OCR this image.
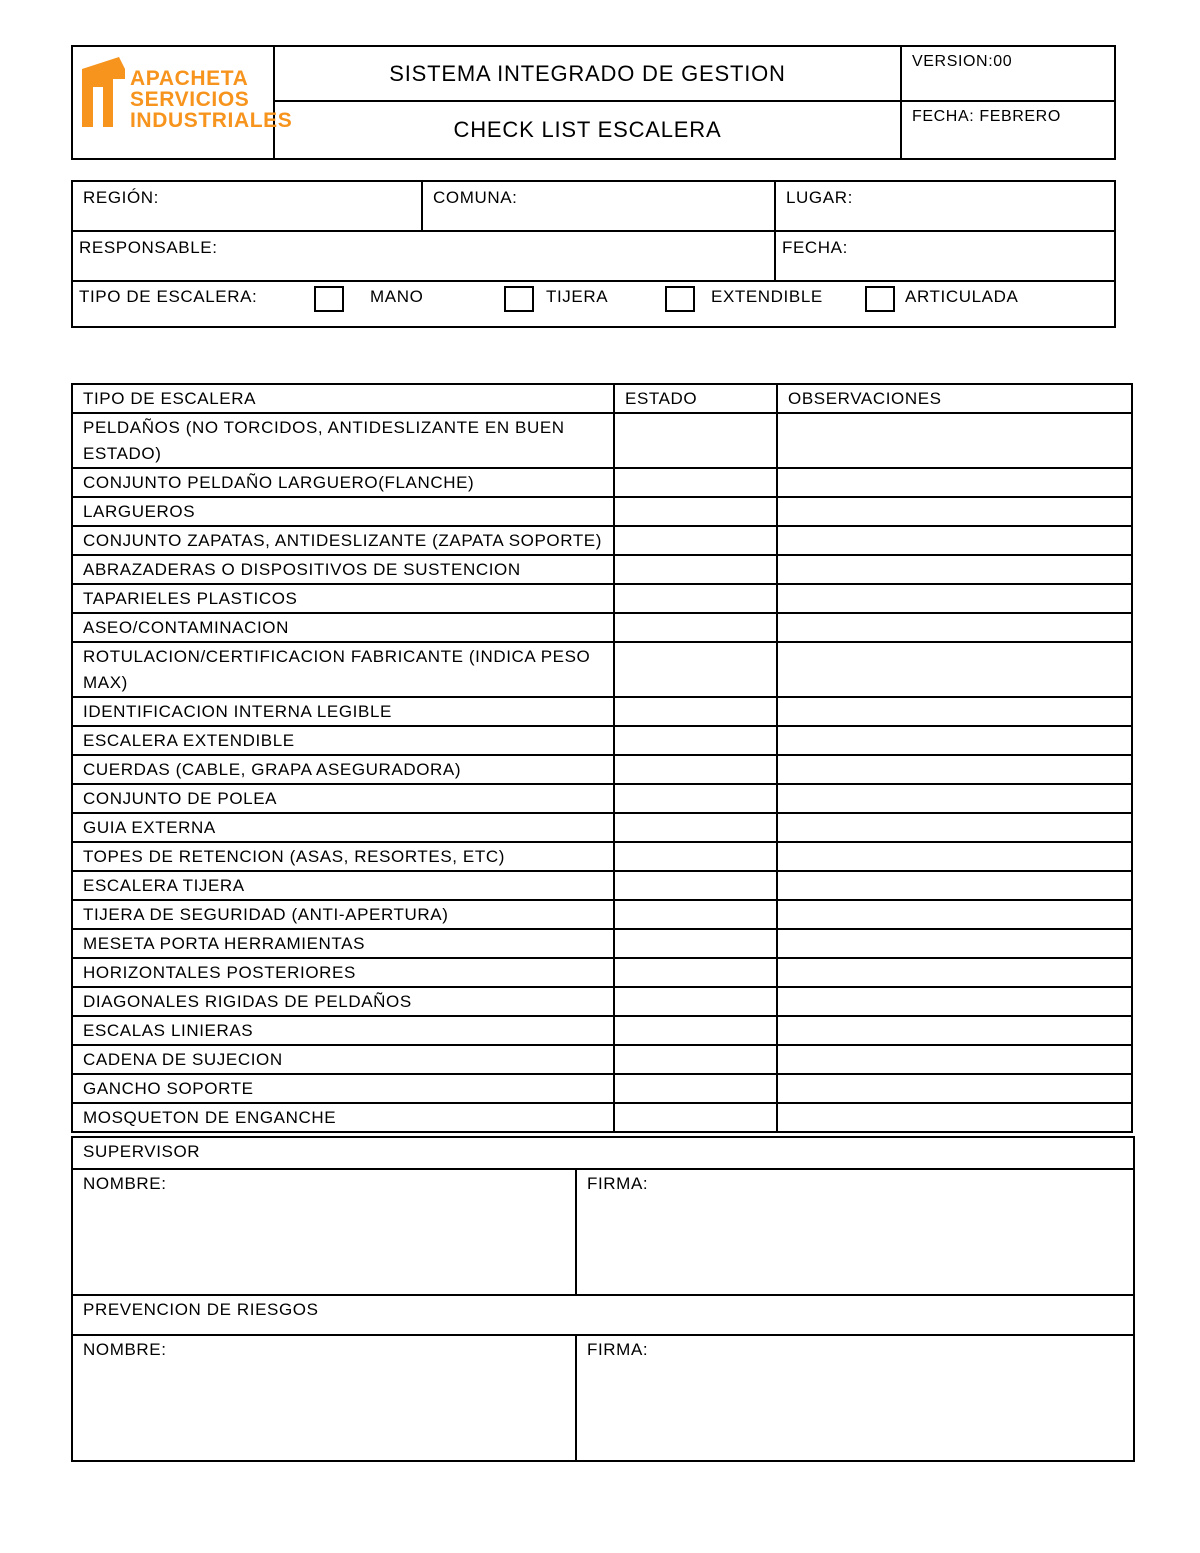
APACHETA
SERVICIOS
INDUSTRIALES	SISTEMA INTEGRADO DE GESTION	VERSION:00
	CHECK LIST ESCALERA	FECHA: FEBRERO
REGIÓN:	COMUNA:	LUGAR:
RESPONSABLE:		FECHA:

TIPO DE ESCALERA: MANO TIJERA EXTENDIBLE ARTICULADA		
TIPO DE ESCALERA	ESTADO	OBSERVACIONES
PELDAÑOS (NO TORCIDOS, ANTIDESLIZANTE EN BUEN ESTADO)		
CONJUNTO PELDAÑO LARGUERO(FLANCHE)		
LARGUEROS		
CONJUNTO ZAPATAS, ANTIDESLIZANTE (ZAPATA SOPORTE)		
ABRAZADERAS O DISPOSITIVOS DE SUSTENCION		
TAPARIELES PLASTICOS		
ASEO/CONTAMINACION		
ROTULACION/CERTIFICACION FABRICANTE (INDICA PESO MAX)		
IDENTIFICACION INTERNA LEGIBLE		
ESCALERA EXTENDIBLE		
CUERDAS (CABLE, GRAPA ASEGURADORA)		
CONJUNTO DE POLEA		
GUIA EXTERNA		
TOPES DE RETENCION (ASAS, RESORTES, ETC)		
ESCALERA TIJERA		
TIJERA DE SEGURIDAD (ANTI-APERTURA)		
MESETA PORTA HERRAMIENTAS		
HORIZONTALES POSTERIORES		
DIAGONALES RIGIDAS DE PELDAÑOS		
ESCALAS LINIERAS		
CADENA DE SUJECION		
GANCHO SOPORTE		
MOSQUETON DE ENGANCHE		
SUPERVISOR	
NOMBRE:	FIRMA:
PREVENCION DE RIESGOS	
NOMBRE:	FIRMA:
